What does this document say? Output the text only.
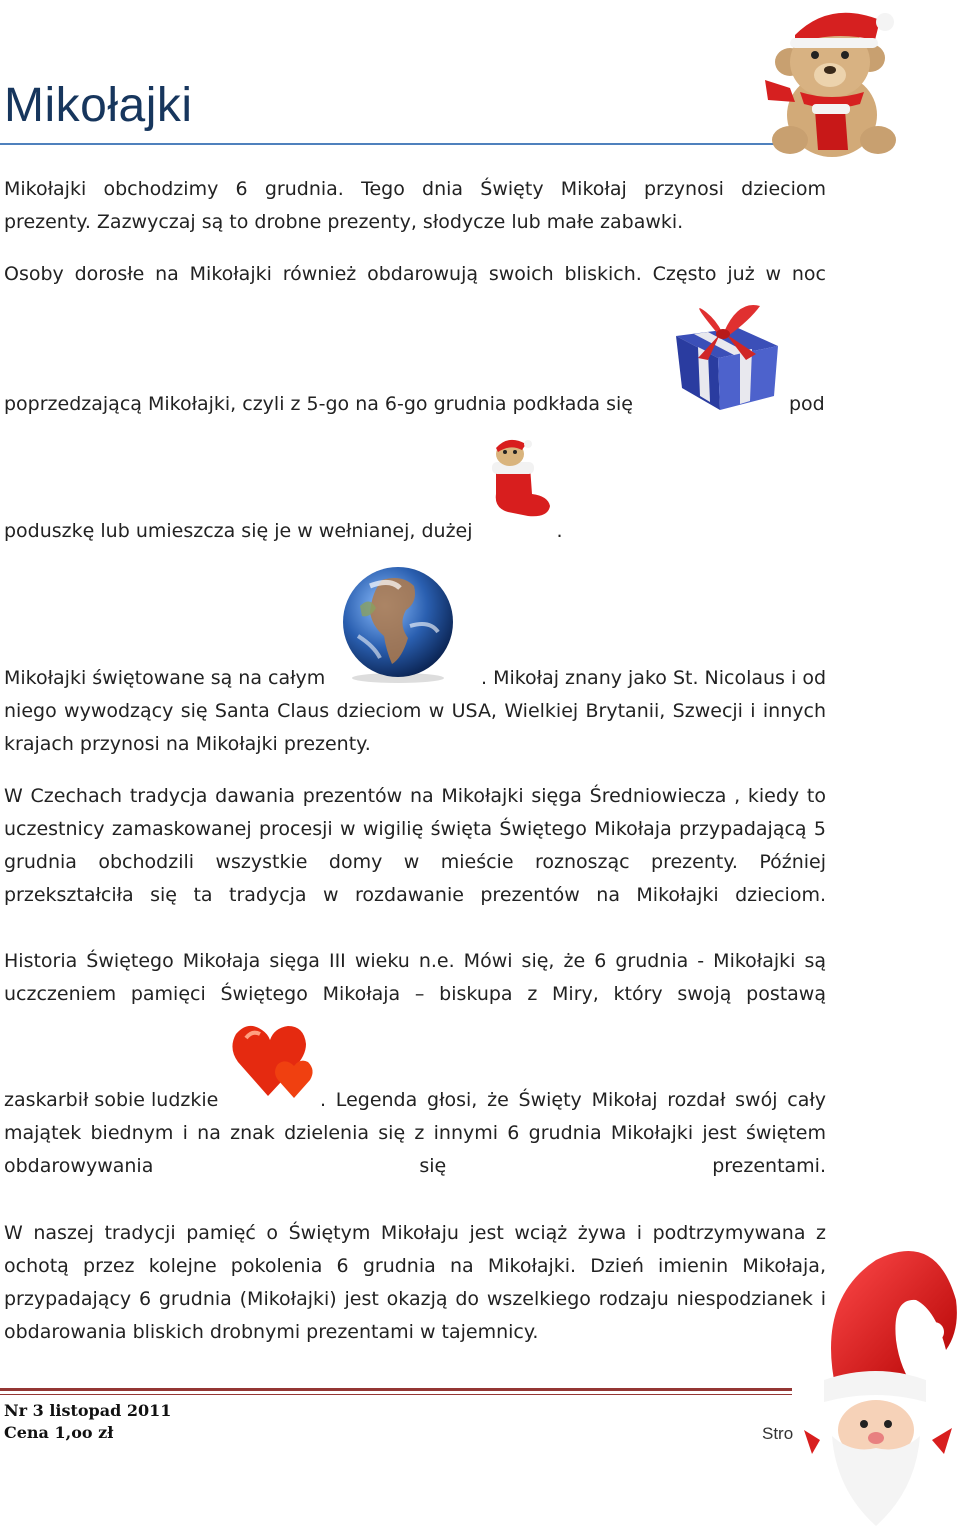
Mikołajki

Mikołajki obchodzimy 6 grudnia. Tego dnia Święty Mikołaj przynosi dzieciom

prezenty. Zazwyczaj są to drobne prezenty, słodycze lub małe zabawki.

Osoby dorosłe na Mikołajki również obdarowują swoich bliskich. Często już w noc

poprzedzającą Mikołajki, czyli z 5-go na 6-go grudnia podkłada się	pod

poduszkę lub umieszcza się je w wełnianej, dużej	.

Mikołajki świętowane są na całym	. Mikołaj znany jako St. Nicolaus i od

niego wywodzący się Santa Claus dzieciom w USA, Wielkiej Brytanii, Szwecji i innych

krajach przynosi na Mikołajki prezenty.

W Czechach tradycja dawania prezentów na Mikołajki sięga Średniowiecza , kiedy to

uczestnicy zamaskowanej procesji w wigilię święta Świętego Mikołaja przypadającą 5

grudnia obchodzili wszystkie domy w mieście roznosząc prezenty. Później

przekształciła się ta tradycja w rozdawanie prezentów na Mikołajki dzieciom.

Historia Świętego Mikołaja sięga III wieku n.e. Mówi się, że 6 grudnia - Mikołajki są

uczczeniem pamięci Świętego Mikołaja – biskupa z Miry, który swoją postawą

zaskarbił sobie ludzkie	. Legenda głosi, że Święty Mikołaj rozdał swój cały

majątek biednym i na znak dzielenia się z innymi 6 grudnia Mikołajki jest świętem

obdarowywania się prezentami.

W naszej tradycji pamięć o Świętym Mikołaju jest wciąż żywa i podtrzymywana z

ochotą przez kolejne pokolenia 6 grudnia na Mikołajki. Dzień imienin Mikołaja,

przypadający 6 grudnia (Mikołajki) jest okazją do wszelkiego rodzaju niespodzianek i

obdarowania bliskich drobnymi prezentami w tajemnicy.

Nr 3 listopad 2011

Cena 1,oo zł	Stro
